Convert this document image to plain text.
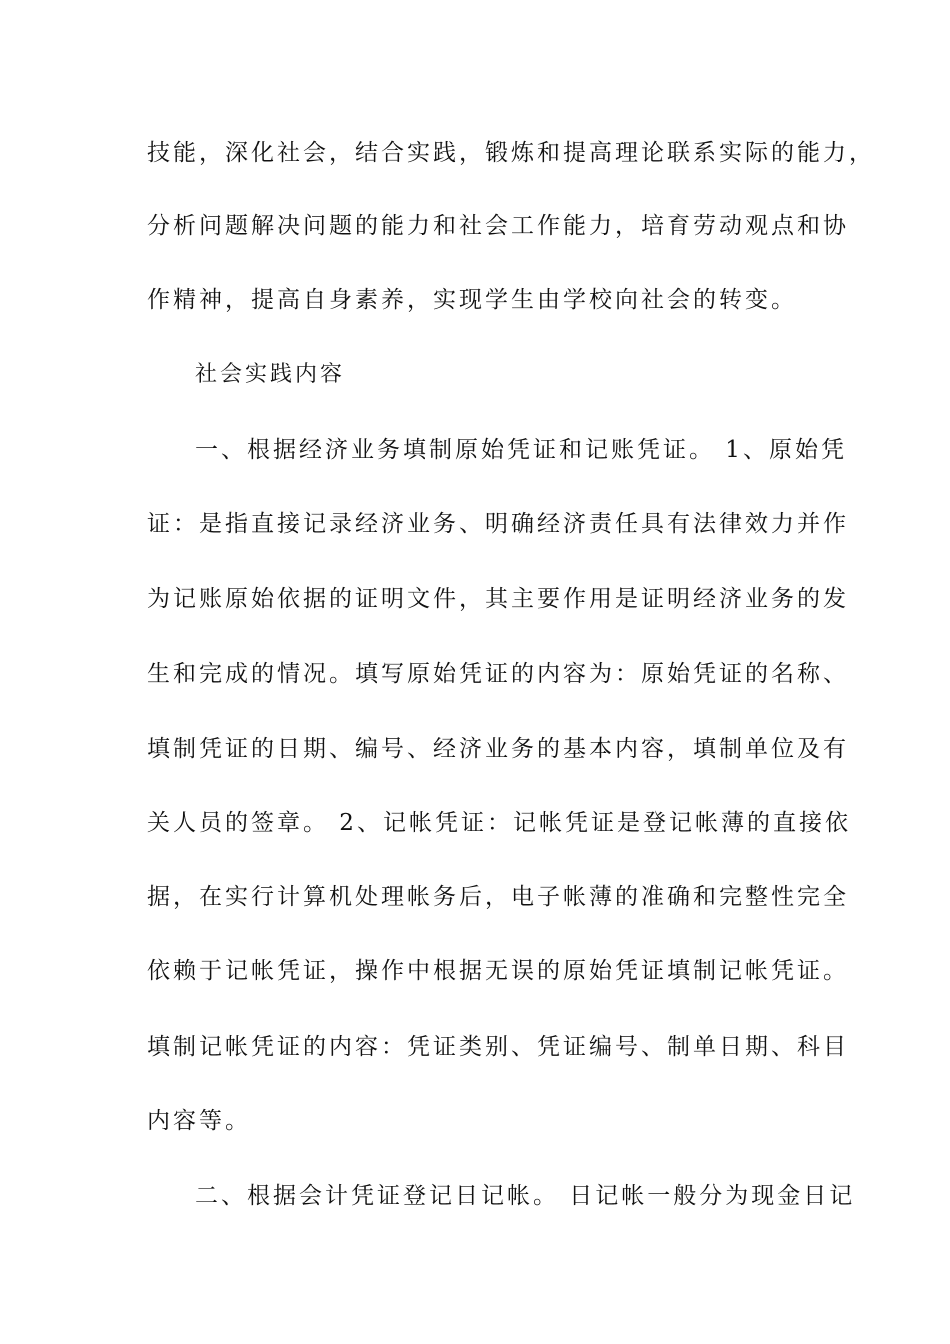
技能，深化社会，结合实践，锻炼和提高理论联系实际的能力，
分析问题解决问题的能力和社会工作能力，培育劳动观点和协
作精神，提高自身素养，实现学生由学校向社会的转变。
社会实践内容
一、根据经济业务填制原始凭证和记账凭证。 1、原始凭
证：是指直接记录经济业务、明确经济责任具有法律效力并作
为记账原始依据的证明文件，其主要作用是证明经济业务的发
生和完成的情况。填写原始凭证的内容为：原始凭证的名称、
填制凭证的日期、编号、经济业务的基本内容，填制单位及有
关人员的签章。 2、记帐凭证：记帐凭证是登记帐薄的直接依
据，在实行计算机处理帐务后，电子帐薄的准确和完整性完全
依赖于记帐凭证，操作中根据无误的原始凭证填制记帐凭证。
填制记帐凭证的内容：凭证类别、凭证编号、制单日期、科目
内容等。
二、根据会计凭证登记日记帐。 日记帐一般分为现金日记
